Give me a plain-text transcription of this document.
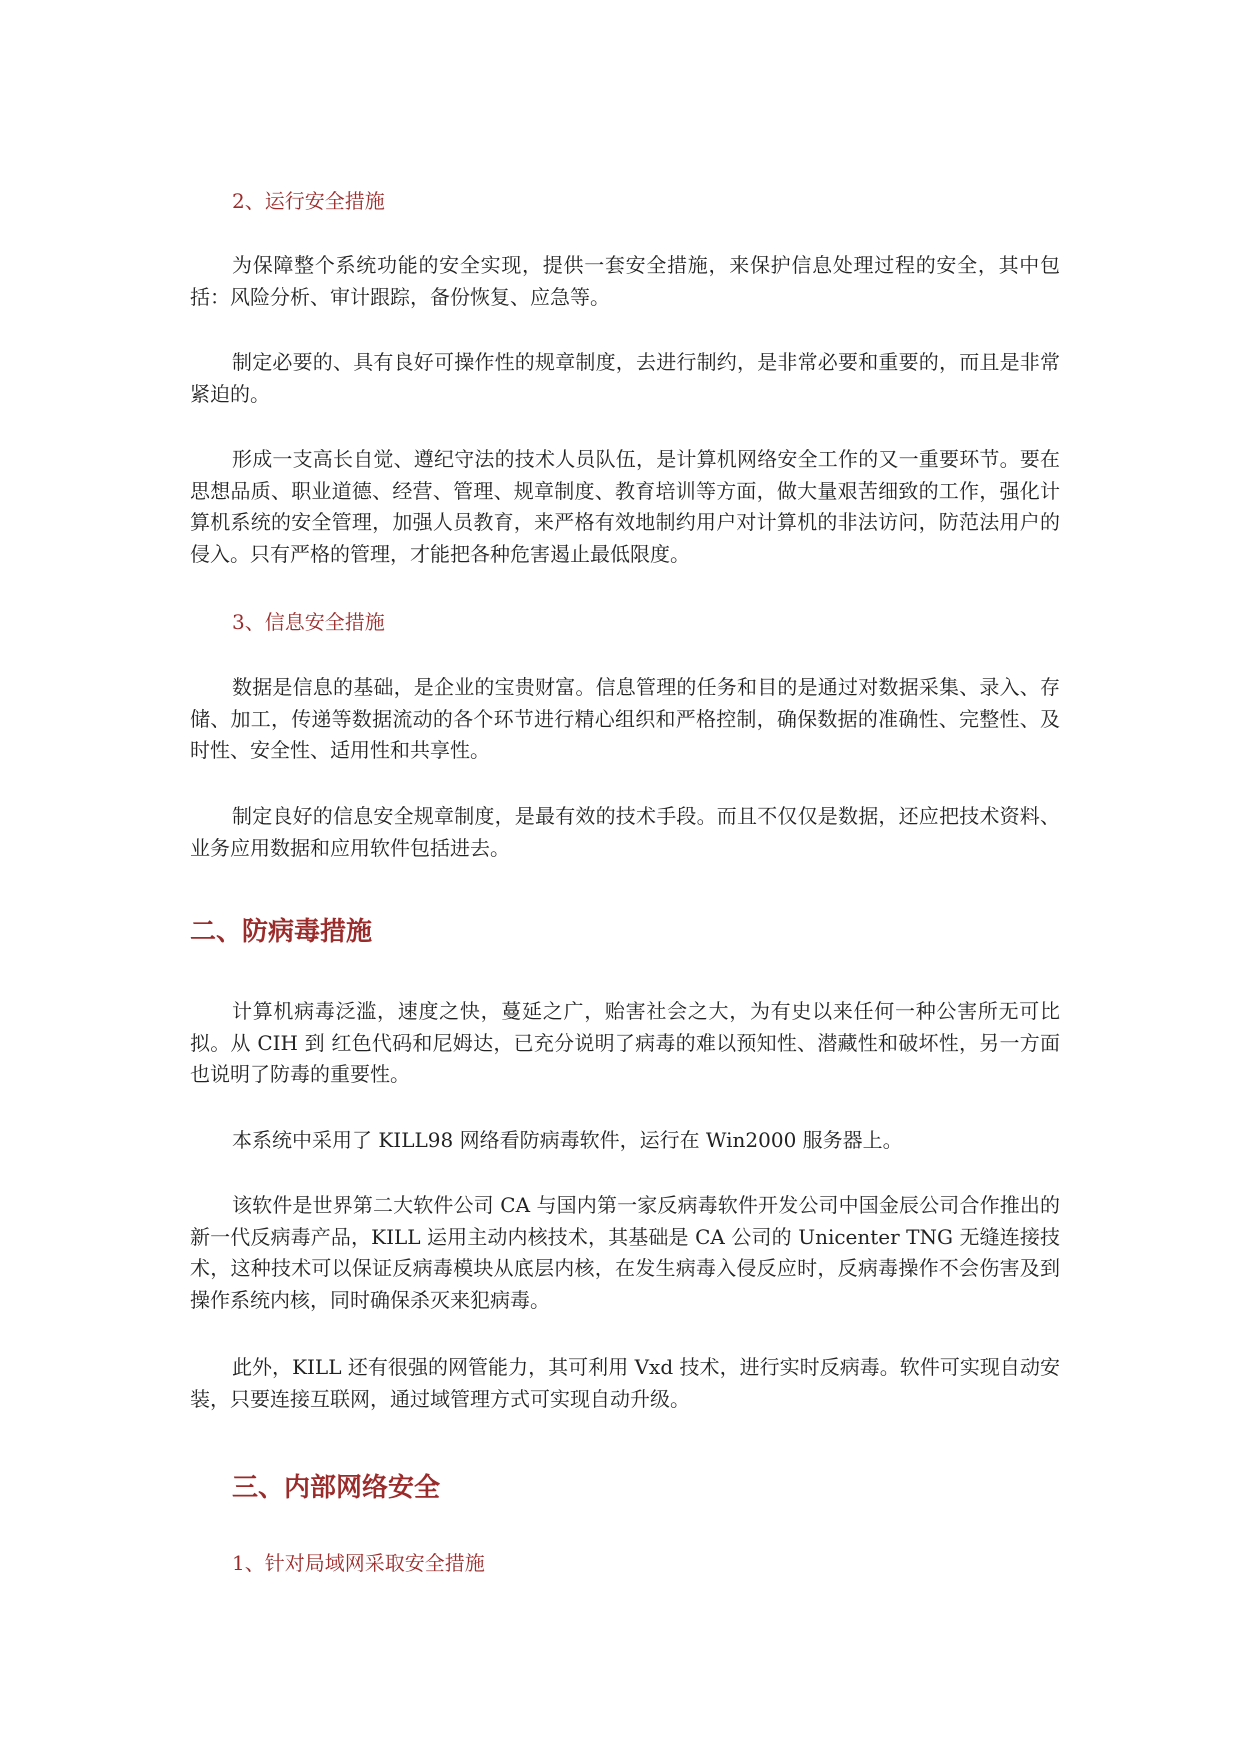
2、运行安全措施

为保障整个系统功能的安全实现，提供一套安全措施，来保护信息处理过程的安全，其中包括：风险分析、审计跟踪，备份恢复、应急等。

制定必要的、具有良好可操作性的规章制度，去进行制约，是非常必要和重要的，而且是非常紧迫的。

形成一支高长自觉、遵纪守法的技术人员队伍，是计算机网络安全工作的又一重要环节。要在思想品质、职业道德、经营、管理、规章制度、教育培训等方面，做大量艰苦细致的工作，强化计算机系统的安全管理，加强人员教育，来严格有效地制约用户对计算机的非法访问，防范法用户的侵入。只有严格的管理，才能把各种危害遏止最低限度。

3、信息安全措施

数据是信息的基础，是企业的宝贵财富。信息管理的任务和目的是通过对数据采集、录入、存储、加工，传递等数据流动的各个环节进行精心组织和严格控制，确保数据的准确性、完整性、及时性、安全性、适用性和共享性。

制定良好的信息安全规章制度，是最有效的技术手段。而且不仅仅是数据，还应把技术资料、业务应用数据和应用软件包括进去。

二、防病毒措施

计算机病毒泛滥，速度之快，蔓延之广，贻害社会之大，为有史以来任何一种公害所无可比拟。从 CIH 到 红色代码和尼姆达，已充分说明了病毒的难以预知性、潜藏性和破坏性，另一方面也说明了防毒的重要性。

本系统中采用了 KILL98 网络看防病毒软件，运行在 Win2000 服务器上。

该软件是世界第二大软件公司 CA 与国内第一家反病毒软件开发公司中国金辰公司合作推出的新一代反病毒产品，KILL 运用主动内核技术，其基础是 CA 公司的 Unicenter TNG 无缝连接技术，这种技术可以保证反病毒模块从底层内核，在发生病毒入侵反应时，反病毒操作不会伤害及到操作系统内核，同时确保杀灭来犯病毒。

此外，KILL 还有很强的网管能力，其可利用 Vxd 技术，进行实时反病毒。软件可实现自动安装，只要连接互联网，通过域管理方式可实现自动升级。

三、内部网络安全
1、针对局域网采取安全措施
